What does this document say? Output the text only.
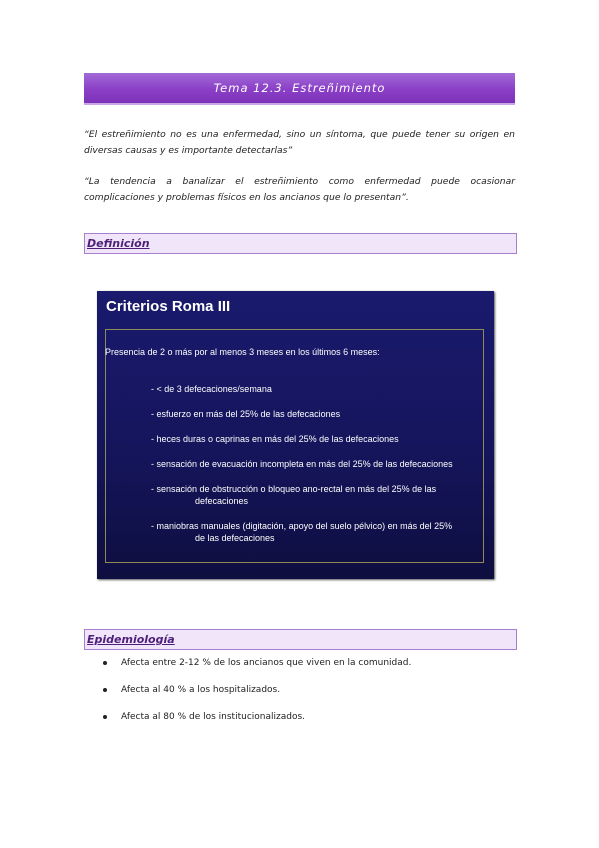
Tema 12.3. Estreñimiento
“El estreñimiento no es una enfermedad, sino un síntoma, que puede tener su origen en diversas causas y es importante detectarlas”
“La tendencia a banalizar el estreñimiento como enfermedad puede ocasionar complicaciones y problemas físicos en los ancianos que lo presentan”.
Definición
Criterios Roma III
Presencia de 2 o más por al menos 3 meses en los últimos 6 meses:
- < de 3 defecaciones/semana
- esfuerzo en más del 25% de las defecaciones
- heces duras o caprinas en más del 25% de las defecaciones
- sensación de evacuación incompleta en más del 25% de las defecaciones
- sensación de obstrucción o bloqueo ano-rectal en más del 25% de las
defecaciones
- maniobras manuales (digitación, apoyo del suelo pélvico) en más del 25%
de las defecaciones
Epidemiología
Afecta entre 2-12 % de los ancianos que viven en la comunidad.
Afecta al 40 % a los hospitalizados.
Afecta al 80 % de los institucionalizados.
